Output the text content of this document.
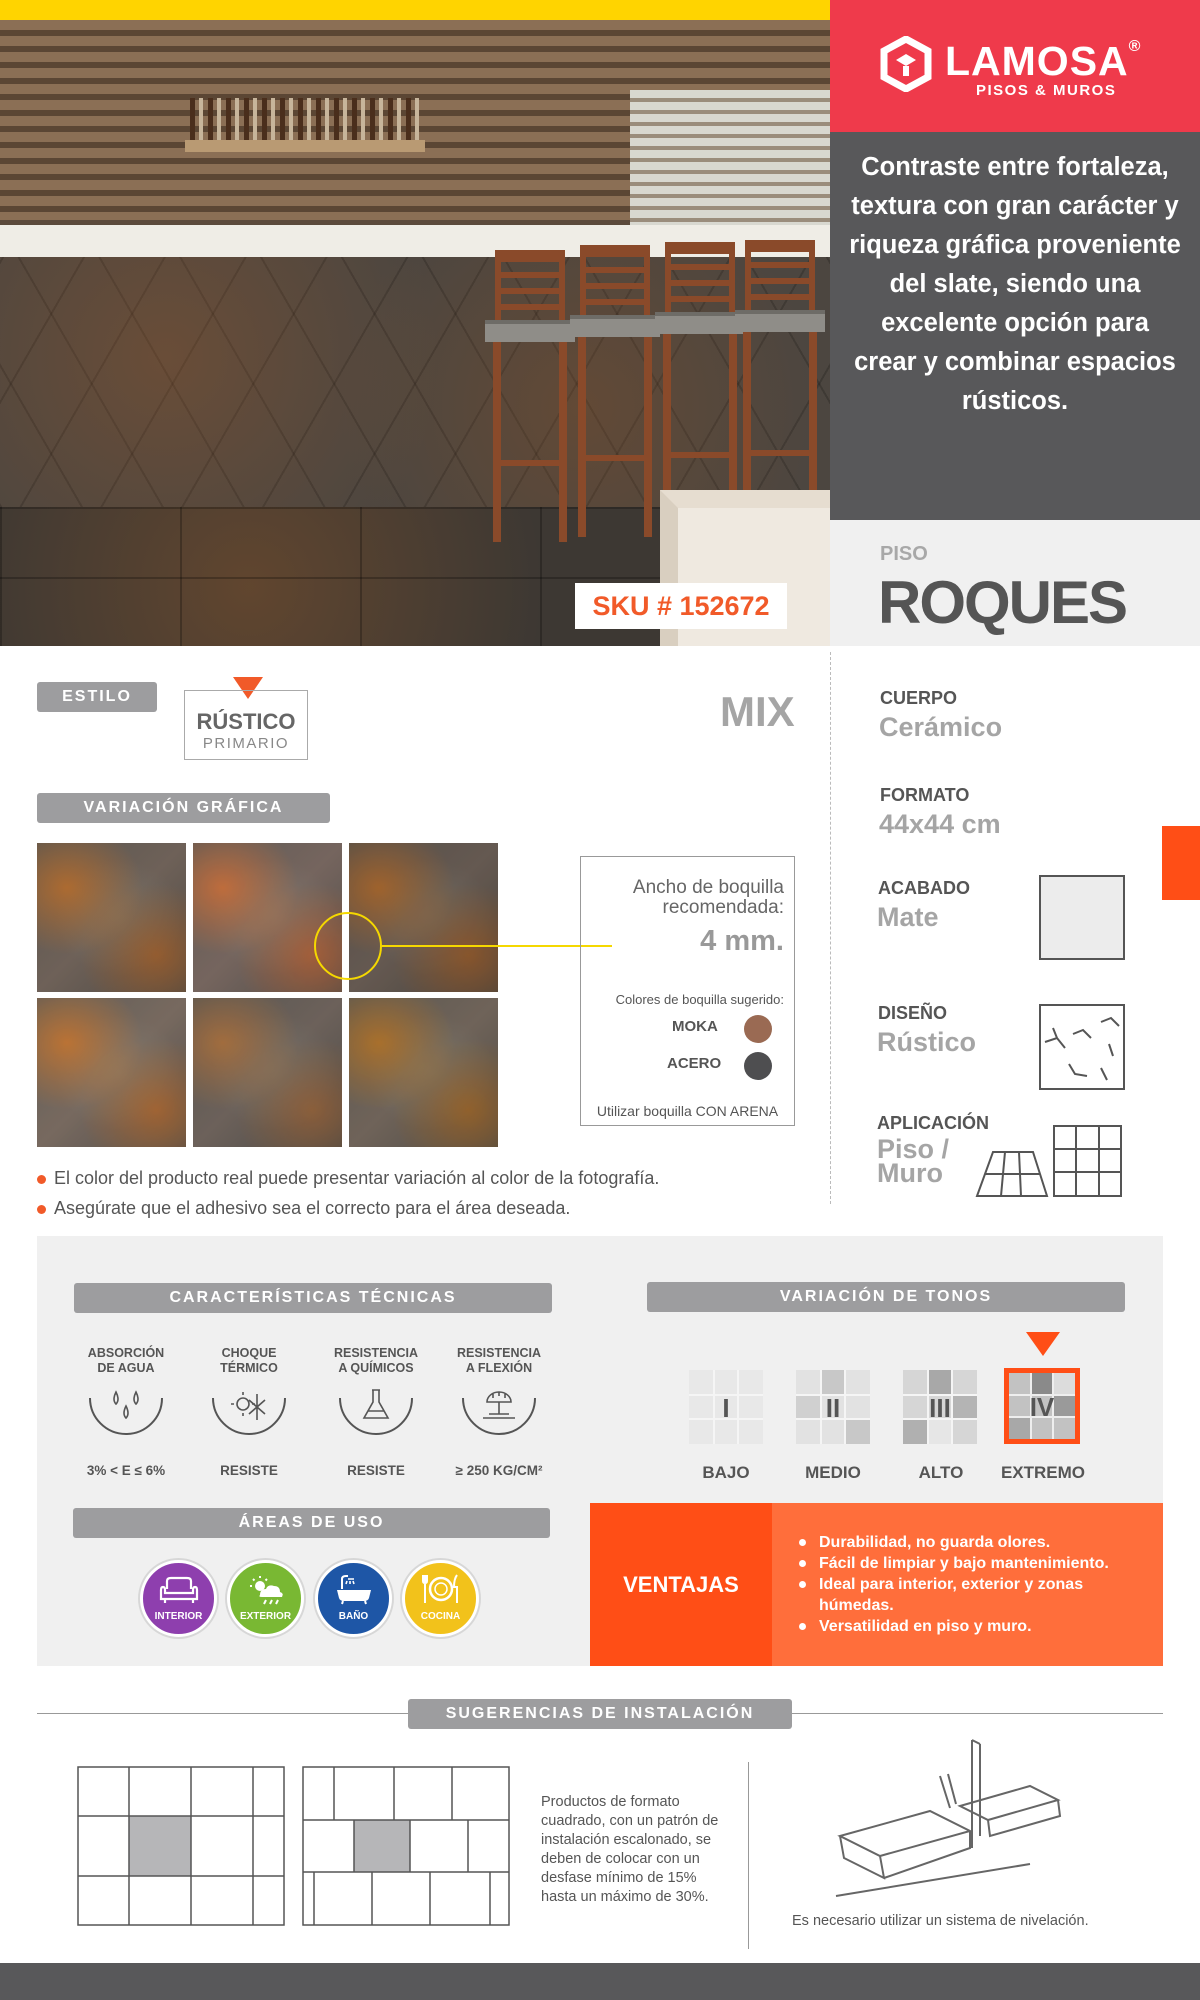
SKU # 152672
LAMOSA®
PISOS & MUROS
Contraste entre fortaleza, textura con gran carácter y riqueza gráfica proveniente del slate, siendo una excelente opción para crear y combinar espacios rústicos.
PISO
ROQUES
ESTILO
RÚSTICO
PRIMARIO
MIX
VARIACIÓN GRÁFICA
Ancho de boquilla recomendada:
4 mm.
Colores de boquilla sugerido:
MOKA
ACERO
Utilizar boquilla CON ARENA
El color del producto real puede presentar variación al color de la fotografía.
Asegúrate que el adhesivo sea el correcto para el área deseada.
CUERPO
Cerámico
FORMATO
44x44 cm
ACABADO
Mate
DISEÑO
Rústico
APLICACIÓN
Piso /
Muro
CARACTERÍSTICAS TÉCNICAS
ABSORCIÓN
DE AGUA
3% < E ≤ 6%
CHOQUE
TÉRMICO
RESISTE
RESISTENCIA
A QUÍMICOS
RESISTE
RESISTENCIA
A FLEXIÓN
≥ 250 KG/CM²
VARIACIÓN DE TONOS
I	II	III	IV
BAJO	MEDIO	ALTO	EXTREMO
ÁREAS DE USO
INTERIOR	EXTERIOR	BAÑO	COCINA
VENTAJAS
Durabilidad, no guarda olores.
Fácil de limpiar y bajo mantenimiento.
Ideal para interior, exterior y zonas húmedas.
Versatilidad en piso y muro.
SUGERENCIAS DE INSTALACIÓN
Productos de formato cuadrado, con un patrón de instalación escalonado, se deben de colocar con un desfase mínimo de 15% hasta un máximo de 30%.
Es necesario utilizar un sistema de nivelación.
